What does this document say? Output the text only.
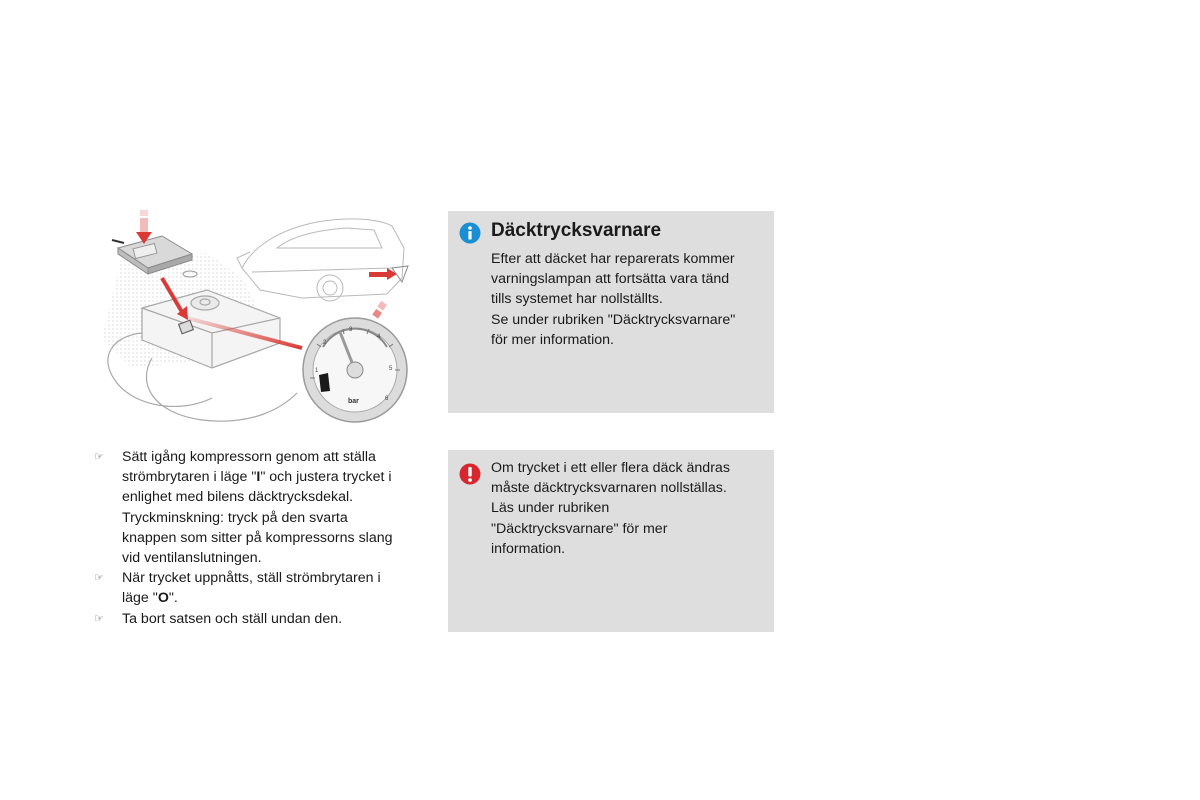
1
2
3
4
5
6
bar
☞ Sätt igång kompressorn genom att ställa
strömbrytaren i läge "I" och justera trycket i
enlighet med bilens däcktrycksdekal.
Tryckminskning: tryck på den svarta
knappen som sitter på kompressorns slang
vid ventilanslutningen.
☞ När trycket uppnåtts, ställ strömbrytaren i
läge "O".
☞ Ta bort satsen och ställ undan den.
Däcktrycksvarnare
Efter att däcket har reparerats kommer
varningslampan att fortsätta vara tänd
tills systemet har nollställts.
Se under rubriken "Däcktrycksvarnare"
för mer information.
Om trycket i ett eller flera däck ändras
måste däcktrycksvarnaren nollställas.
Läs under rubriken
"Däcktrycksvarnare" för mer
information.
